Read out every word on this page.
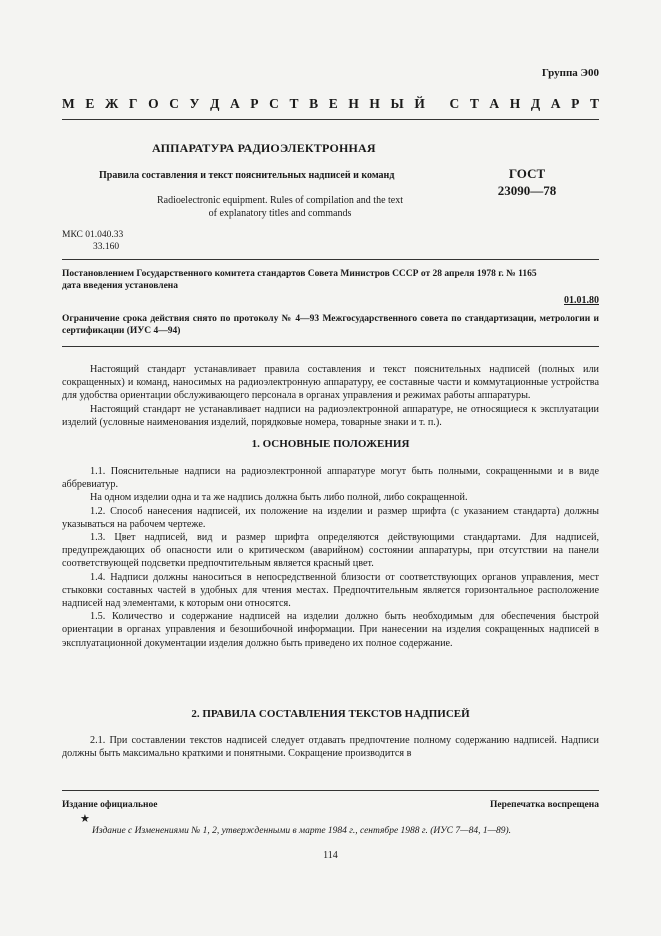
Группа Э00
М Е Ж Г О С У Д А Р С Т В Е Н Н Ы Й
С Т А Н Д А Р Т
АППАРАТУРА РАДИОЭЛЕКТРОННАЯ
Правила составления и текст пояснительных надписей и команд	ГОСТ
23090—78
Radioelectronic equipment. Rules of compilation and the text
of explanatory titles and commands
МКС 01.040.33
33.160
Постановлением Государственного комитета стандартов Совета Министров СССР от 28 апреля 1978 г. № 1165
дата введения установлена
01.01.80
Ограничение срока действия снято по протоколу № 4—93 Межгосударственного совета по стандартизации, метрологии и сертификации (ИУС 4—94)

Настоящий стандарт устанавливает правила составления и текст пояснительных надписей (полных или сокращенных) и команд, наносимых на радиоэлектронную аппаратуру, ее составные части и коммутационные устройства для удобства ориентации обслуживающего персонала в органах управления и режимах работы аппаратуры.

Настоящий стандарт не устанавливает надписи на радиоэлектронной аппаратуре, не относящиеся к эксплуатации изделий (условные наименования изделий, порядковые номера, товарные знаки и т. п.).

1. ОСНОВНЫЕ ПОЛОЖЕНИЯ

1.1. Пояснительные надписи на радиоэлектронной аппаратуре могут быть полными, сокращенными и в виде аббревиатур.

На одном изделии одна и та же надпись должна быть либо полной, либо сокращенной.

1.2. Способ нанесения надписей, их положение на изделии и размер шрифта (с указанием стандарта) должны указываться на рабочем чертеже.

1.3. Цвет надписей, вид и размер шрифта определяются действующими стандартами. Для надписей, предупреждающих об опасности или о критическом (аварийном) состоянии аппаратуры, при отсутствии на панели соответствующей подсветки предпочтительным является красный цвет.

1.4. Надписи должны наноситься в непосредственной близости от соответствующих органов управления, мест стыковки составных частей в удобных для чтения местах. Предпочтительным является горизонтальное расположение надписей над элементами, к которым они относятся.

1.5. Количество и содержание надписей на изделии должно быть необходимым для обеспечения быстрой ориентации в органах управления и безошибочной информации. При нанесении на изделия сокращенных надписей в эксплуатационной документации изделия должно быть приведено их полное содержание.

2. ПРАВИЛА СОСТАВЛЕНИЯ ТЕКСТОВ НАДПИСЕЙ

2.1. При составлении текстов надписей следует отдавать предпочтение полному содержанию надписей. Надписи должны быть максимально краткими и понятными. Сокращение производится в

Издание официальное	Перепечатка воспрещена
★
Издание с Изменениями № 1, 2, утвержденными в марте 1984 г., сентябре 1988 г. (ИУС 7—84, 1—89).
114
